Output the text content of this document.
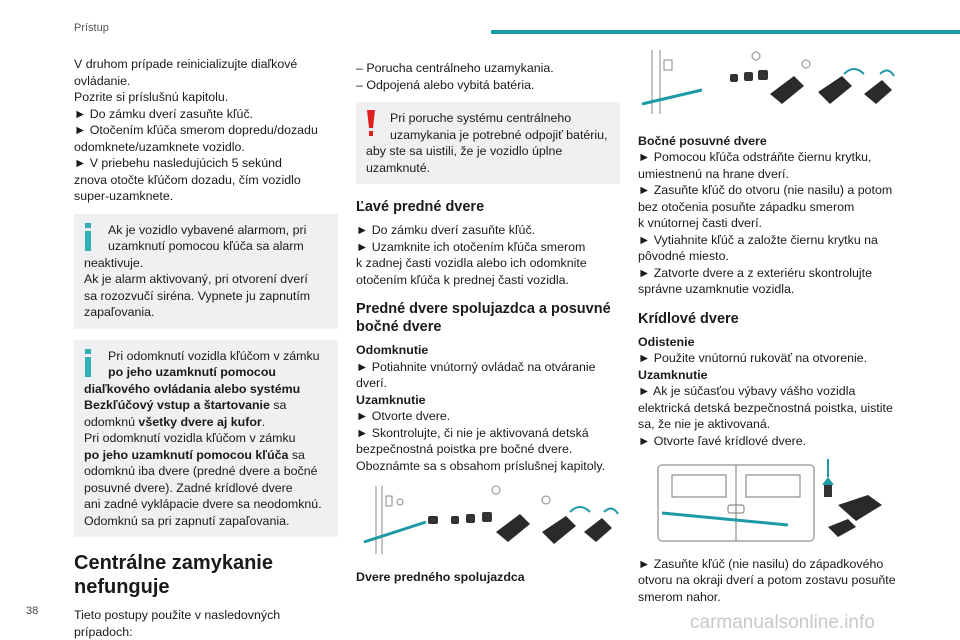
Prístup
V druhom prípade reinicializujte diaľkové
ovládanie.
Pozrite si príslušnú kapitolu.
► Do zámku dverí zasuňte kľúč.
► Otočením kľúča smerom dopredu/dozadu
odomknete/uzamknete vozidlo.
► V priebehu nasledujúcich 5 sekúnd
znova otočte kľúčom dozadu, čím vozidlo
super-uzamknete.
Ak je vozidlo vybavené alarmom, pri
uzamknutí pomocou kľúča sa alarm
neaktivuje.
Ak je alarm aktivovaný, pri otvorení dverí
sa rozozvučí siréna. Vypnete ju zapnutím
zapaľovania.
Pri odomknutí vozidla kľúčom v zámku
po jeho uzamknutí pomocou
diaľkového ovládania alebo systému
Bezkľúčový vstup a štartovanie sa
odomknú všetky dvere aj kufor.
Pri odomknutí vozidla kľúčom v zámku
po jeho uzamknutí pomocou kľúča sa
odomknú iba dvere (predné dvere a bočné
posuvné dvere). Zadné krídlové dvere
ani zadné vyklápacie dvere sa neodomknú.
Odomknú sa pri zapnutí zapaľovania.
Centrálne zamykanie
nefunguje
Tieto postupy použite v nasledovných prípadoch:
– Porucha centrálneho uzamykania.
– Odpojená alebo vybitá batéria.
Pri poruche systému centrálneho
uzamykania je potrebné odpojiť batériu,
aby ste sa uistili, že je vozidlo úplne
uzamknuté.
Ľavé predné dvere
► Do zámku dverí zasuňte kľúč.
► Uzamknite ich otočením kľúča smerom
k zadnej časti vozidla alebo ich odomknite
otočením kľúča k prednej časti vozidla.
Predné dvere spolujazdca a posuvné
bočné dvere
Odomknutie
► Potiahnite vnútorný ovládač na otváranie
dverí.
Uzamknutie
► Otvorte dvere.
► Skontrolujte, či nie je aktivovaná detská
bezpečnostná poistka pre bočné dvere.
Oboznámte sa s obsahom príslušnej kapitoly.
Dvere predného spolujazdca
Bočné posuvné dvere
► Pomocou kľúča odstráňte čiernu krytku,
umiestnenú na hrane dverí.
► Zasuňte kľúč do otvoru (nie nasilu) a potom
bez otočenia posuňte západku smerom
k vnútornej časti dverí.
► Vytiahnite kľúč a založte čiernu krytku na
pôvodné miesto.
► Zatvorte dvere a z exteriéru skontrolujte
správne uzamknutie vozidla.
Krídlové dvere
Odistenie
► Použite vnútornú rukoväť na otvorenie.
Uzamknutie
► Ak je súčasťou výbavy vášho vozidla
elektrická detská bezpečnostná poistka, uistite
sa, že nie je aktivovaná.
► Otvorte ľavé krídlové dvere.
► Zasuňte kľúč (nie nasilu) do západkového
otvoru na okraji dverí a potom zostavu posuňte
smerom nahor.
38
carmanualsonline.info
